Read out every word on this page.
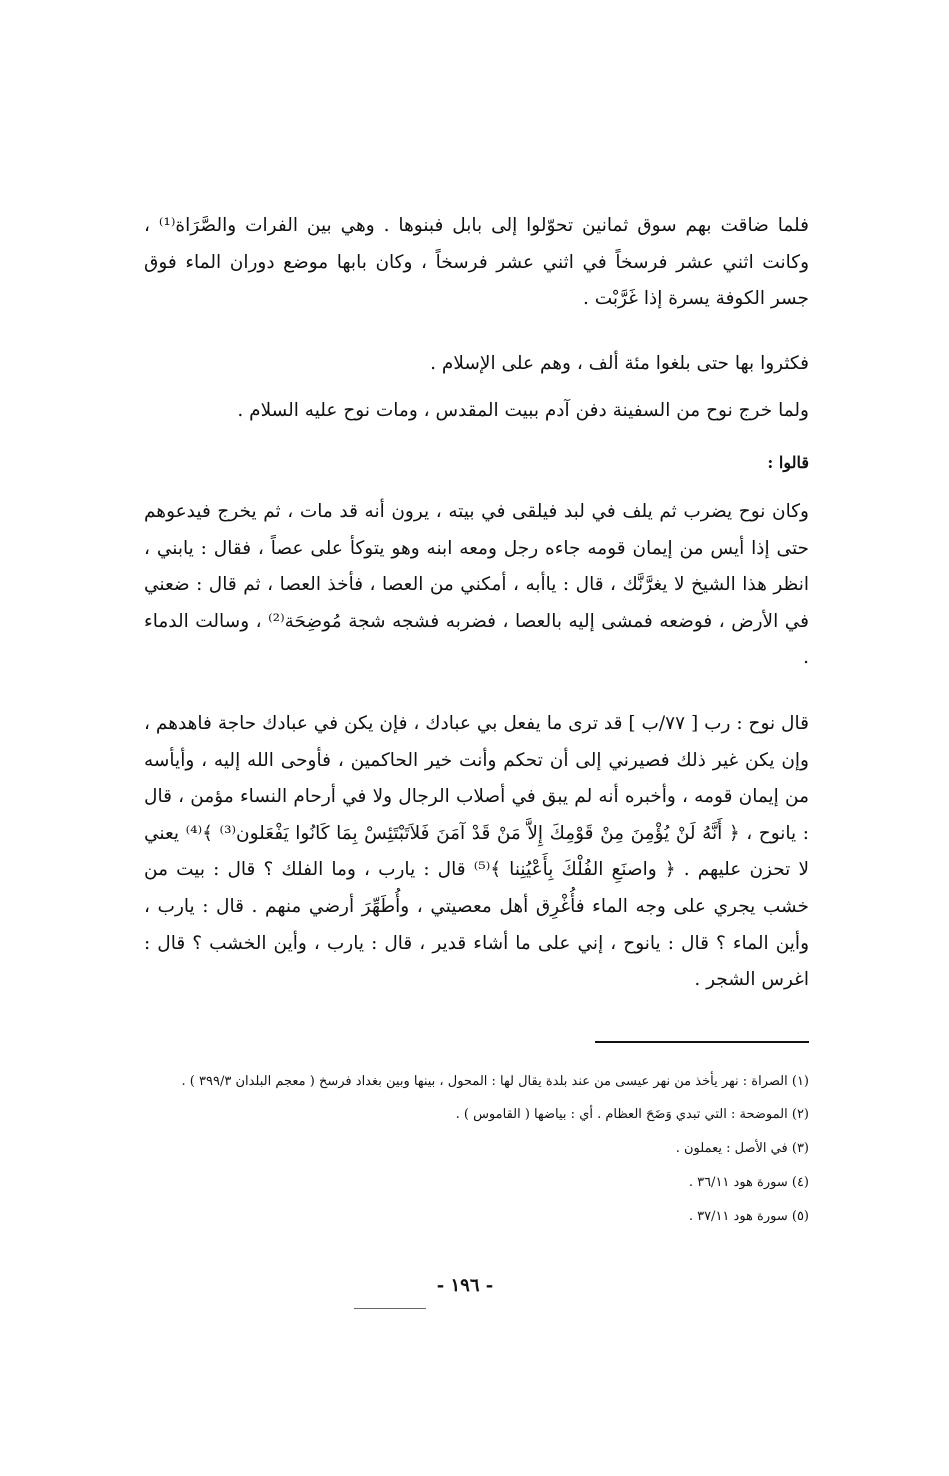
فلما ضاقت بهم سوق ثمانين تحوّلوا إلى بابل فبنوها . وهي بين الفرات والصَّرَاة⁽¹⁾ ، وكانت اثني عشر فرسخاً في اثني عشر فرسخاً ، وكان بابها موضع دوران الماء فوق جسر الكوفة يسرة إذا غَرَّبْت .

فكثروا بها حتى بلغوا مئة ألف ، وهم على الإسلام .

ولما خرج نوح من السفينة دفن آدم ببيت المقدس ، ومات نوح عليه السلام .

قالوا :

وكان نوح يضرب ثم يلف في لبد فيلقى في بيته ، يرون أنه قد مات ، ثم يخرج فيدعوهم حتى إذا أيس من إيمان قومه جاءه رجل ومعه ابنه وهو يتوكأ على عصاً ، فقال : يابني ، انظر هذا الشيخ لا يغرَّنَّك ، قال : ياأبه ، أمكني من العصا ، فأخذ العصا ، ثم قال : ضعني في الأرض ، فوضعه فمشى إليه بالعصا ، فضربه فشجه شجة مُوضِحَة⁽²⁾ ، وسالت الدماء .

قال نوح : رب [ ٧٧/ب ] قد ترى ما يفعل بي عبادك ، فإن يكن في عبادك حاجة فاهدهم ، وإن يكن غير ذلك فصيرني إلى أن تحكم وأنت خير الحاكمين ، فأوحى الله إليه ، وأيأسه من إيمان قومه ، وأخبره أنه لم يبق في أصلاب الرجال ولا في أرحام النساء مؤمن ، قال : يانوح ، ﴿ أَنَّهُ لَنْ يُؤْمِنَ مِنْ قَوْمِكَ إِلاَّ مَنْ قَدْ آمَنَ فَلاَتَبْتَئِسْ بِمَا كَانُوا يَفْعَلون⁽³⁾ ﴾⁽⁴⁾ يعني لا تحزن عليهم . ﴿ واصنَعِ الفُلْكَ بِأَعْيُنِنا ﴾⁽⁵⁾ قال : يارب ، وما الفلك ؟ قال : بيت من خشب يجري على وجه الماء فأُغْرِق أهل معصيتي ، وأُطَهِّرَ أرضي منهم . قال : يارب ، وأين الماء ؟ قال : يانوح ، إني على ما أشاء قدير ، قال : يارب ، وأين الخشب ؟ قال : اغرس الشجر .

(١) الصراة : نهر يأخذ من نهر عيسى من عند بلدة يقال لها : المحول ، بينها وبين بغداد فرسخ ( معجم البلدان ٣٩٩/٣ ) .

(٢) الموضحة : التي تبدي وَضَحَ العظام . أي : بياضها ( القاموس ) .

(٣) في الأصل : يعملون .

(٤) سورة هود ٣٦/١١ .

(٥) سورة هود ٣٧/١١ .

- ١٩٦ -
